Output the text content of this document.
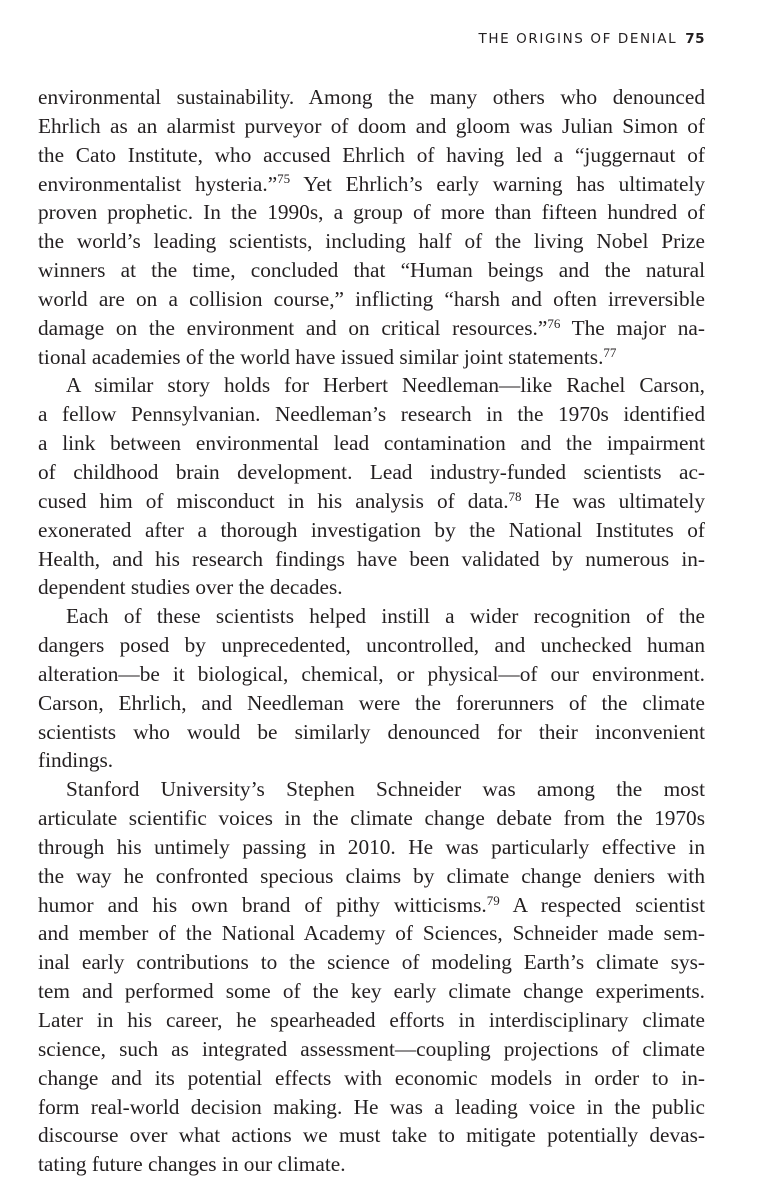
THE ORIGINS OF DENIAL 75
environmental sustainability. Among the many others who denounced
Ehrlich as an alarmist purveyor of doom and gloom was Julian Simon of
the Cato Institute, who accused Ehrlich of having led a “juggernaut of
environmentalist hysteria.”$^{75}$ Yet Ehrlich’s early warning has ultimately
proven prophetic. In the 1990s, a group of more than fifteen hundred of
the world’s leading scientists, including half of the living Nobel Prize
winners at the time, concluded that “Human beings and the natural
world are on a collision course,” inflicting “harsh and often irreversible
damage on the environment and on critical resources.”$^{76}$ The major na-
tional academies of the world have issued similar joint statements.$^{77}$
A similar story holds for Herbert Needleman—like Rachel Carson,
a fellow Pennsylvanian. Needleman’s research in the 1970s identified
a link between environmental lead contamination and the impairment
of childhood brain development. Lead industry-funded scientists ac-
cused him of misconduct in his analysis of data.$^{78}$ He was ultimately
exonerated after a thorough investigation by the National Institutes of
Health, and his research findings have been validated by numerous in-
dependent studies over the decades.
Each of these scientists helped instill a wider recognition of the
dangers posed by unprecedented, uncontrolled, and unchecked human
alteration—be it biological, chemical, or physical—of our environment.
Carson, Ehrlich, and Needleman were the forerunners of the climate
scientists who would be similarly denounced for their inconvenient
findings.
Stanford University’s Stephen Schneider was among the most
articulate scientific voices in the climate change debate from the 1970s
through his untimely passing in 2010. He was particularly effective in
the way he confronted specious claims by climate change deniers with
humor and his own brand of pithy witticisms.$^{79}$ A respected scientist
and member of the National Academy of Sciences, Schneider made sem-
inal early contributions to the science of modeling Earth’s climate sys-
tem and performed some of the key early climate change experiments.
Later in his career, he spearheaded efforts in interdisciplinary climate
science, such as integrated assessment—coupling projections of climate
change and its potential effects with economic models in order to in-
form real-world decision making. He was a leading voice in the public
discourse over what actions we must take to mitigate potentially devas-
tating future changes in our climate.
